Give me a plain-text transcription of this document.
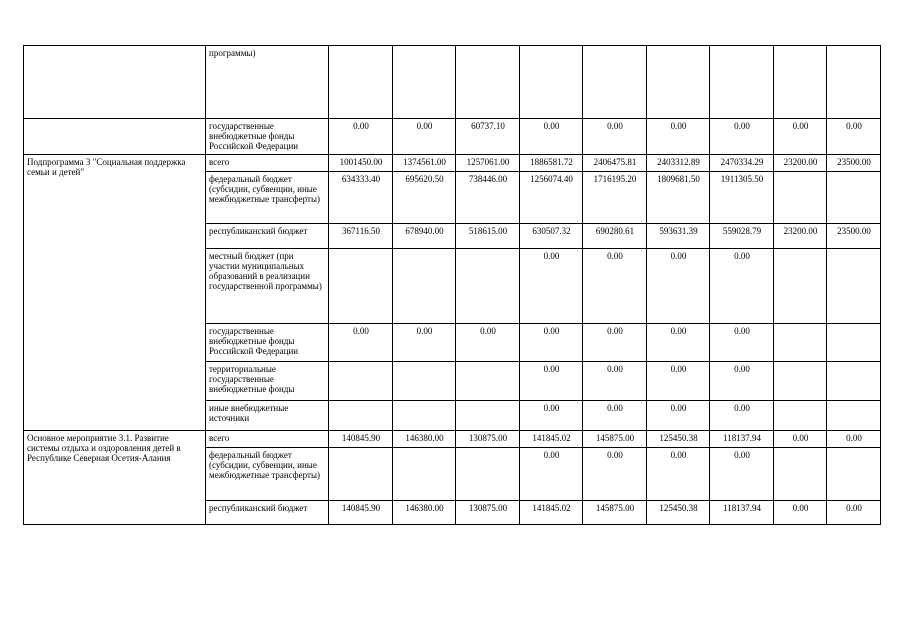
	программы)									
	государственные внебюджетные фонды Российской Федерации	0.00	0.00	60737.10	0.00	0.00	0.00	0.00	0.00	0.00
Подпрограмма 3 "Социальная поддержка семьи и детей"	всего	1001450.00	1374561.00	1257061.00	1886581.72	2406475.81	2403312.89	2470334.29	23200.00	23500.00
	федеральный бюджет (субсидии, субвенции, иные межбюджетные трансферты)	634333.40	695620.50	738446.00	1256074.40	1716195.20	1809681.50	1911305.50		
	республиканский бюджет	367116.50	678940.00	518615.00	630507.32	690280.61	593631.39	559028.79	23200.00	23500.00
	местный бюджет (при участии муниципальных образований в реализации государственной программы)				0.00	0.00	0.00	0.00		
	государственные внебюджетные фонды Российской Федерации	0.00	0.00	0.00	0.00	0.00	0.00	0.00		
	территориальные государственные внебюджетные фонды				0.00	0.00	0.00	0.00		
	иные внебюджетные источники				0.00	0.00	0.00	0.00		
Основное мероприятие 3.1. Развитие системы отдыха и оздоровления детей в Республике Северная Осетия-Алания	всего	140845.90	146380.00	130875.00	141845.02	145875.00	125450.38	118137.94	0.00	0.00
	федеральный бюджет (субсидии, субвенции, иные межбюджетные трансферты)				0.00	0.00	0.00	0.00		
	республиканский бюджет	140845.90	146380.00	130875.00	141845.02	145875.00	125450.38	118137.94	0.00	0.00
